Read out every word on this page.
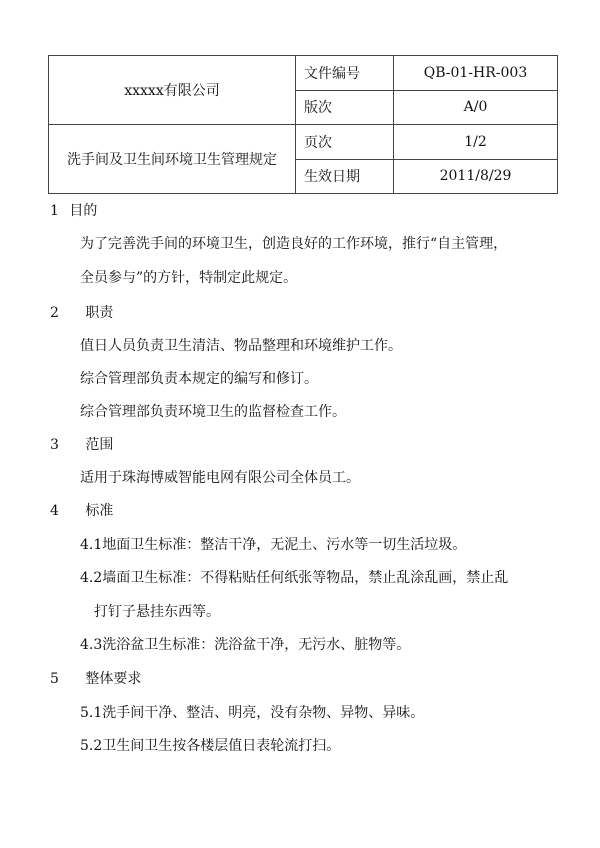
xxxxx有限公司	文件编号	QB-01-HR-003
	版次	A/0
洗手间及卫生间环境卫生管理规定	页次	1/2
	生效日期	2011/8/29
1 目的
为了完善洗手间的环境卫生，创造良好的工作环境，推行“自主管理，
全员参与”的方针，特制定此规定。
2 职责
值日人员负责卫生清洁、物品整理和环境维护工作。
综合管理部负责本规定的编写和修订。
综合管理部负责环境卫生的监督检查工作。
3 范围
适用于珠海博威智能电网有限公司全体员工。
4 标准
4.1地面卫生标准：整洁干净，无泥土、污水等一切生活垃圾。
4.2墙面卫生标准：不得粘贴任何纸张等物品，禁止乱涂乱画，禁止乱
打钉子悬挂东西等。
4.3洗浴盆卫生标准：洗浴盆干净，无污水、脏物等。
5 整体要求
5.1洗手间干净、整洁、明亮，没有杂物、异物、异味。
5.2卫生间卫生按各楼层值日表轮流打扫。
